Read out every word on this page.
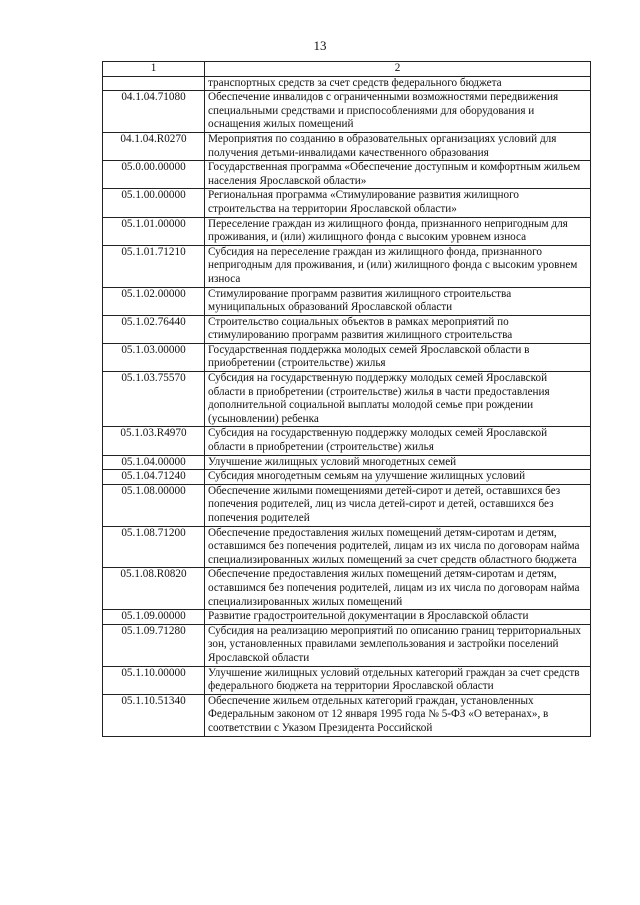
13
1	2
	транспортных средств за счет средств федерального бюджета
04.1.04.71080	Обеспечение инвалидов с ограниченными возможностями передвижения специальными средствами и приспособлениями для оборудования и оснащения жилых помещений
04.1.04.R0270	Мероприятия по созданию в образовательных организациях условий для получения детьми-инвалидами качественного образования
05.0.00.00000	Государственная программа «Обеспечение доступным и комфортным жильем населения Ярославской области»
05.1.00.00000	Региональная программа «Стимулирование развития жилищного строительства на территории Ярославской области»
05.1.01.00000	Переселение граждан из жилищного фонда, признанного непригодным для проживания, и (или) жилищного фонда с высоким уровнем износа
05.1.01.71210	Субсидия на переселение граждан из жилищного фонда, признанного непригодным для проживания, и (или) жилищного фонда с высоким уровнем износа
05.1.02.00000	Стимулирование программ развития жилищного строительства муниципальных образований Ярославской области
05.1.02.76440	Строительство социальных объектов в рамках мероприятий по стимулированию программ развития жилищного строительства
05.1.03.00000	Государственная поддержка молодых семей Ярославской области в приобретении (строительстве) жилья
05.1.03.75570	Субсидия на государственную поддержку молодых семей Ярославской области в приобретении (строительстве) жилья в части предоставления дополнительной социальной выплаты молодой семье при рождении (усыновлении) ребенка
05.1.03.R4970	Субсидия на государственную поддержку молодых семей Ярославской области в приобретении (строительстве) жилья
05.1.04.00000	Улучшение жилищных условий многодетных семей
05.1.04.71240	Субсидия многодетным семьям на улучшение жилищных условий
05.1.08.00000	Обеспечение жилыми помещениями детей-сирот и детей, оставшихся без попечения родителей, лиц из числа детей-сирот и детей, оставшихся без попечения родителей
05.1.08.71200	Обеспечение предоставления жилых помещений детям-сиротам и детям, оставшимся без попечения родителей, лицам из их числа по договорам найма специализированных жилых помещений за счет средств областного бюджета
05.1.08.R0820	Обеспечение предоставления жилых помещений детям-сиротам и детям, оставшимся без попечения родителей, лицам из их числа по договорам найма специализированных жилых помещений
05.1.09.00000	Развитие градостроительной документации в Ярославской области
05.1.09.71280	Субсидия на реализацию мероприятий по описанию границ территориальных зон, установленных правилами землепользования и застройки поселений Ярославской области
05.1.10.00000	Улучшение жилищных условий отдельных категорий граждан за счет средств федерального бюджета на территории Ярославской области
05.1.10.51340	Обеспечение жильем отдельных категорий граждан, установленных Федеральным законом от 12 января 1995 года № 5-ФЗ «О ветеранах», в соответствии с Указом Президента Российской
